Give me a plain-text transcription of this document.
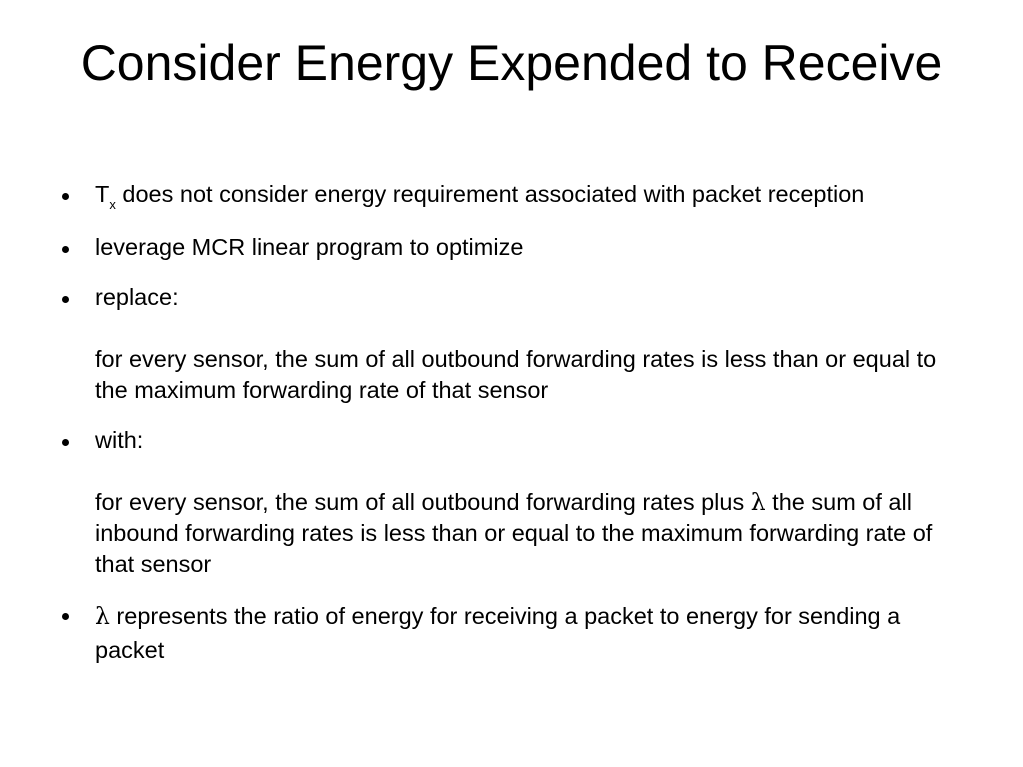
Consider Energy Expended to Receive
$T_x$ does not consider energy requirement associated with packet reception
leverage MCR linear program to optimize
replace:
for every sensor, the sum of all outbound forwarding rates is less than or equal to the maximum forwarding rate of that sensor
with:
for every sensor, the sum of all outbound forwarding rates plus λ the sum of all inbound forwarding rates is less than or equal to the maximum forwarding rate of that sensor
λ represents the ratio of energy for receiving a packet to energy for sending a packet
